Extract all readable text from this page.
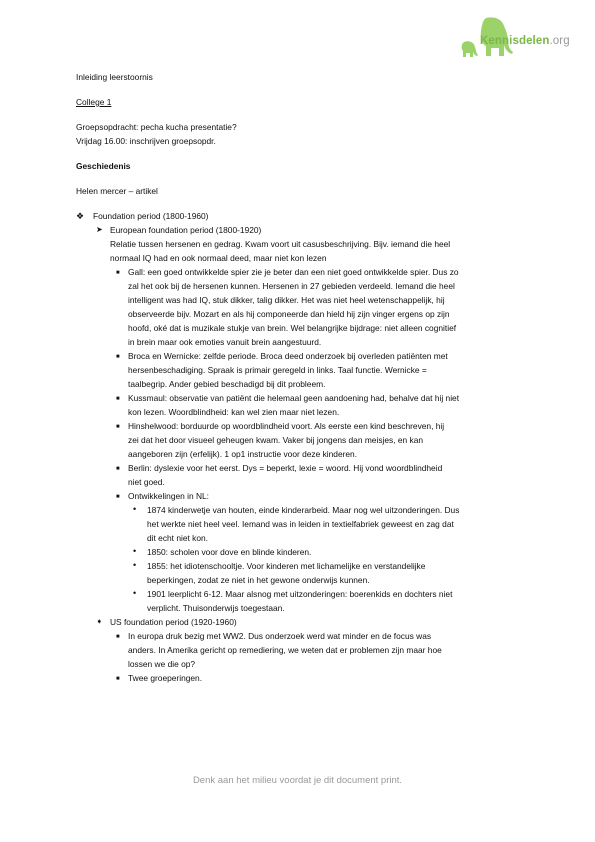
Kennisdelen.org

Inleiding leerstoornis

College 1

Groepsopdracht: pecha kucha presentatie?

Vrijdag 16.00: inschrijven groepsopdr.

Geschiedenis

Helen mercer – artikel

❖ Foundation period (1800-1960)
➤ European foundation period (1800-1920)
Relatie tussen hersenen en gedrag. Kwam voort uit casusbeschrijving. Bijv. iemand die heel
normaal IQ had en ook normaal deed, maar niet kon lezen
■ Gall: een goed ontwikkelde spier zie je beter dan een niet goed ontwikkelde spier. Dus zo
zal het ook bij de hersenen kunnen. Hersenen in 27 gebieden verdeeld. Iemand die heel
intelligent was had IQ, stuk dikker, talig dikker. Het was niet heel wetenschappelijk, hij
observeerde bijv. Mozart en als hij componeerde dan hield hij zijn vinger ergens op zijn
hoofd, oké dat is muzikale stukje van brein. Wel belangrijke bijdrage: niet alleen cognitief
in brein maar ook emoties vanuit brein aangestuurd.
■ Broca en Wernicke: zelfde periode. Broca deed onderzoek bij overleden patiënten met
hersenbeschadiging. Spraak is primair geregeld in links. Taal functie. Wernicke =
taalbegrip. Ander gebied beschadigd bij dit probleem.
■ Kussmaul: observatie van patiënt die helemaal geen aandoening had, behalve dat hij niet
kon lezen. Woordblindheid: kan wel zien maar niet lezen.
■ Hinshelwood: borduurde op woordblindheid voort. Als eerste een kind beschreven, hij
zei dat het door visueel geheugen kwam. Vaker bij jongens dan meisjes, en kan
aangeboren zijn (erfelijk). 1 op1 instructie voor deze kinderen.
■ Berlin: dyslexie voor het eerst. Dys = beperkt, lexie = woord. Hij vond woordblindheid
niet goed.
■ Ontwikkelingen in NL:
• 1874 kinderwetje van houten, einde kinderarbeid. Maar nog wel uitzonderingen. Dus
het werkte niet heel veel. Iemand was in leiden in textielfabriek geweest en zag dat
dit echt niet kon.
• 1850: scholen voor dove en blinde kinderen.
• 1855: het idiotenschooltje. Voor kinderen met lichamelijke en verstandelijke
beperkingen, zodat ze niet in het gewone onderwijs kunnen.
• 1901 leerplicht 6-12. Maar alsnog met uitzonderingen: boerenkids en dochters niet
verplicht. Thuisonderwijs toegestaan.
➧ US foundation period (1920-1960)
■ In europa druk bezig met WW2. Dus onderzoek werd wat minder en de focus was
anders. In Amerika gericht op remediering, we weten dat er problemen zijn maar hoe
lossen we die op?
■ Twee groeperingen.
Denk aan het milieu voordat je dit document print.
